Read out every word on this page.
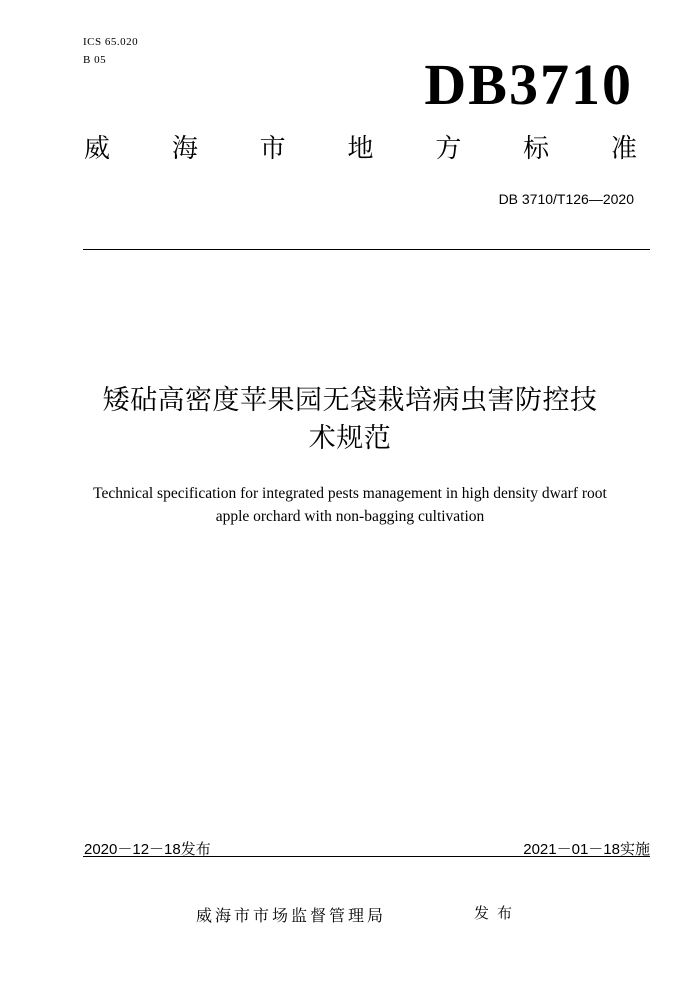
ICS 65.020
B 05	DB3710
威 海 市 地 方 标 准
DB 3710/T126—2020
矮砧高密度苹果园无袋栽培病虫害防控技
术规范
Technical specification for integrated pests management in high density dwarf root
apple orchard with non-bagging cultivation
2020－12－18发布	2021－01－18实施
威海市市场监督管理局	发布
